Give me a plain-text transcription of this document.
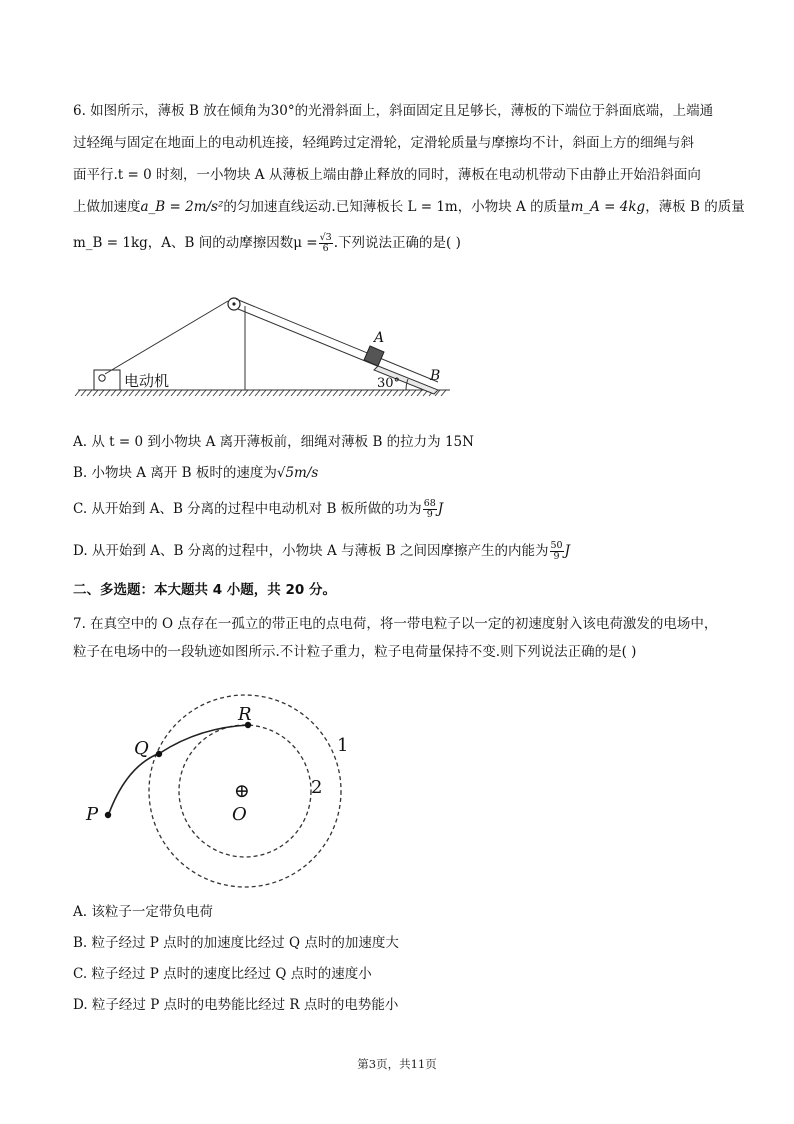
6. 如图所示，薄板 B 放在倾角为30°的光滑斜面上，斜面固定且足够长，薄板的下端位于斜面底端，上端通
过轻绳与固定在地面上的电动机连接，轻绳跨过定滑轮，定滑轮质量与摩擦均不计，斜面上方的细绳与斜
面平行.t = 0 时刻，一小物块 A 从薄板上端由静止释放的同时，薄板在电动机带动下由静止开始沿斜面向
上做加速度a_B = 2m/s²的匀加速直线运动.已知薄板长 L = 1m，小物块 A 的质量m_A = 4kg，薄板 B 的质量
m_B = 1kg，A、B 间的动摩擦因数$\mu = \frac{√3}{6}$ .下列说法正确的是( )
电动机
A
B
30°
A. 从 t = 0 到小物块 A 离开薄板前，细绳对薄板 B 的拉力为 15N
B. 小物块 A 离开 B 板时的速度为√5m/s
C. 从开始到 A、B 分离的过程中电动机对 B 板所做的功为 $\frac{68}{9}$ J
D. 从开始到 A、B 分离的过程中，小物块 A 与薄板 B 之间因摩擦产生的内能为 $\frac{50}{9}$ J
二、多选题：本大题共 4 小题，共 20 分。
7. 在真空中的 O 点存在一孤立的带正电的点电荷，将一带电粒子以一定的初速度射入该电荷激发的电场中，
粒子在电场中的一段轨迹如图所示.不计粒子重力，粒子电荷量保持不变.则下列说法正确的是( )
R
Q
P
⊕
O
1
2
A. 该粒子一定带负电荷
B. 粒子经过 P 点时的加速度比经过 Q 点时的加速度大
C. 粒子经过 P 点时的速度比经过 Q 点时的速度小
D. 粒子经过 P 点时的电势能比经过 R 点时的电势能小
第3页，共11页
